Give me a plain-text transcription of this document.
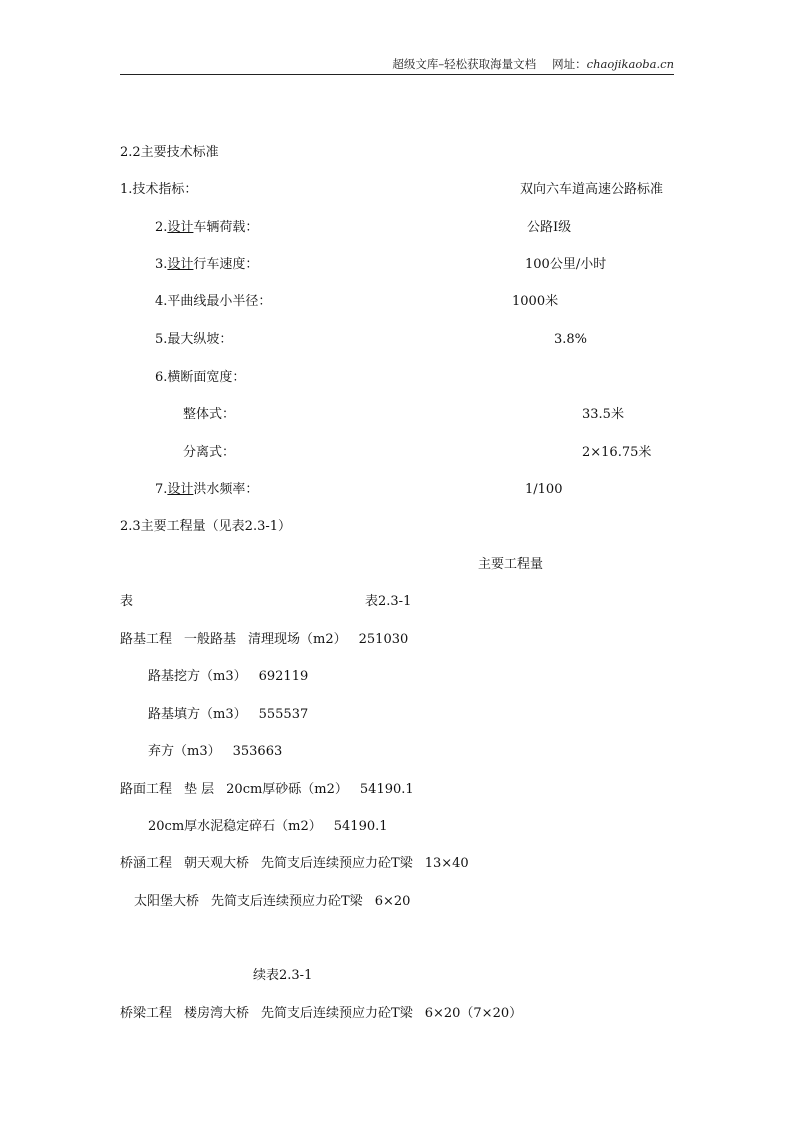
超级文库–轻松获取海量文档 网址：chaojikaoba.cn
2.2主要技术标准
1.技术指标：	双向六车道高速公路标准
2.设计车辆荷载：	公路Ⅰ级
3.设计行车速度：	100公里/小时
4.平曲线最小半径：	1000米
5.最大纵坡：	3.8%
6.横断面宽度：
整体式：	33.5米
分离式：	2×16.75米
7.设计洪水频率：	1/100
2.3主要工程量（见表2.3-1）
主要工程量
表	表2.3-1
路基工程 一般路基 清理现场（m2） 251030
路基挖方（m3） 692119
路基填方（m3） 555537
弃方（m3） 353663
路面工程 垫 层 20cm厚砂砾（m2） 54190.1
20cm厚水泥稳定碎石（m2） 54190.1
桥涵工程 朝天观大桥 先简支后连续预应力砼T梁 13×40
太阳堡大桥 先简支后连续预应力砼T梁 6×20
续表2.3-1
桥梁工程 楼房湾大桥 先简支后连续预应力砼T梁 6×20（7×20）
